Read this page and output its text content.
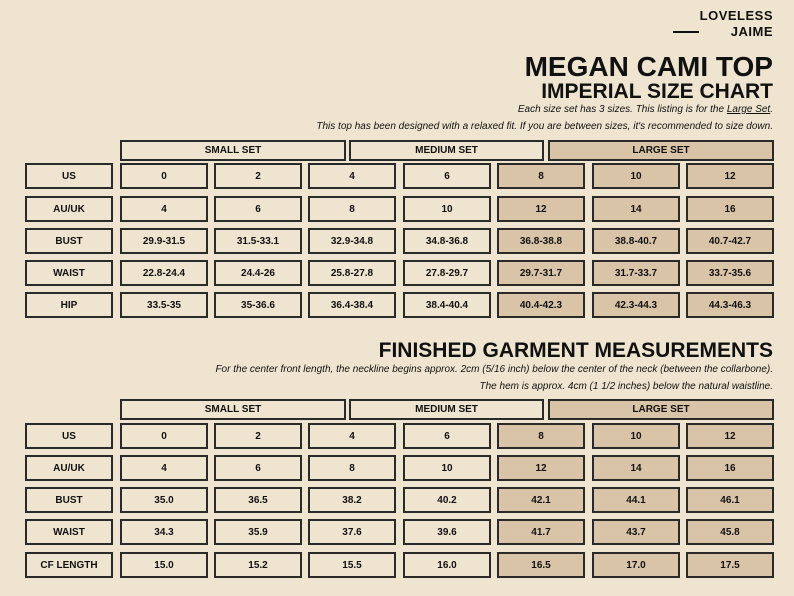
LOVELESS
JAIME
MEGAN CAMI TOP
IMPERIAL SIZE CHART
Each size set has 3 sizes. This listing is for the Large Set.
This top has been designed with a relaxed fit. If you are between sizes, it's recommended to size down.
FINISHED GARMENT MEASUREMENTS
For the center front length, the neckline begins approx. 2cm (5/16 inch) below the center of the neck (between the collarbone).
The hem is approx. 4cm (1 1/2 inches) below the natural waistline.
SMALL SET	MEDIUM SET	LARGE SET
US	0	2	4	6	8	10	12
AU/UK	4	6	8	10	12	14	16
BUST	29.9-31.5	31.5-33.1	32.9-34.8	34.8-36.8	36.8-38.8	38.8-40.7	40.7-42.7
WAIST	22.8-24.4	24.4-26	25.8-27.8	27.8-29.7	29.7-31.7	31.7-33.7	33.7-35.6
HIP	33.5-35	35-36.6	36.4-38.4	38.4-40.4	40.4-42.3	42.3-44.3	44.3-46.3
SMALL SET	MEDIUM SET	LARGE SET
US	0	2	4	6	8	10	12
AU/UK	4	6	8	10	12	14	16
BUST	35.0	36.5	38.2	40.2	42.1	44.1	46.1
WAIST	34.3	35.9	37.6	39.6	41.7	43.7	45.8
CF LENGTH	15.0	15.2	15.5	16.0	16.5	17.0	17.5
